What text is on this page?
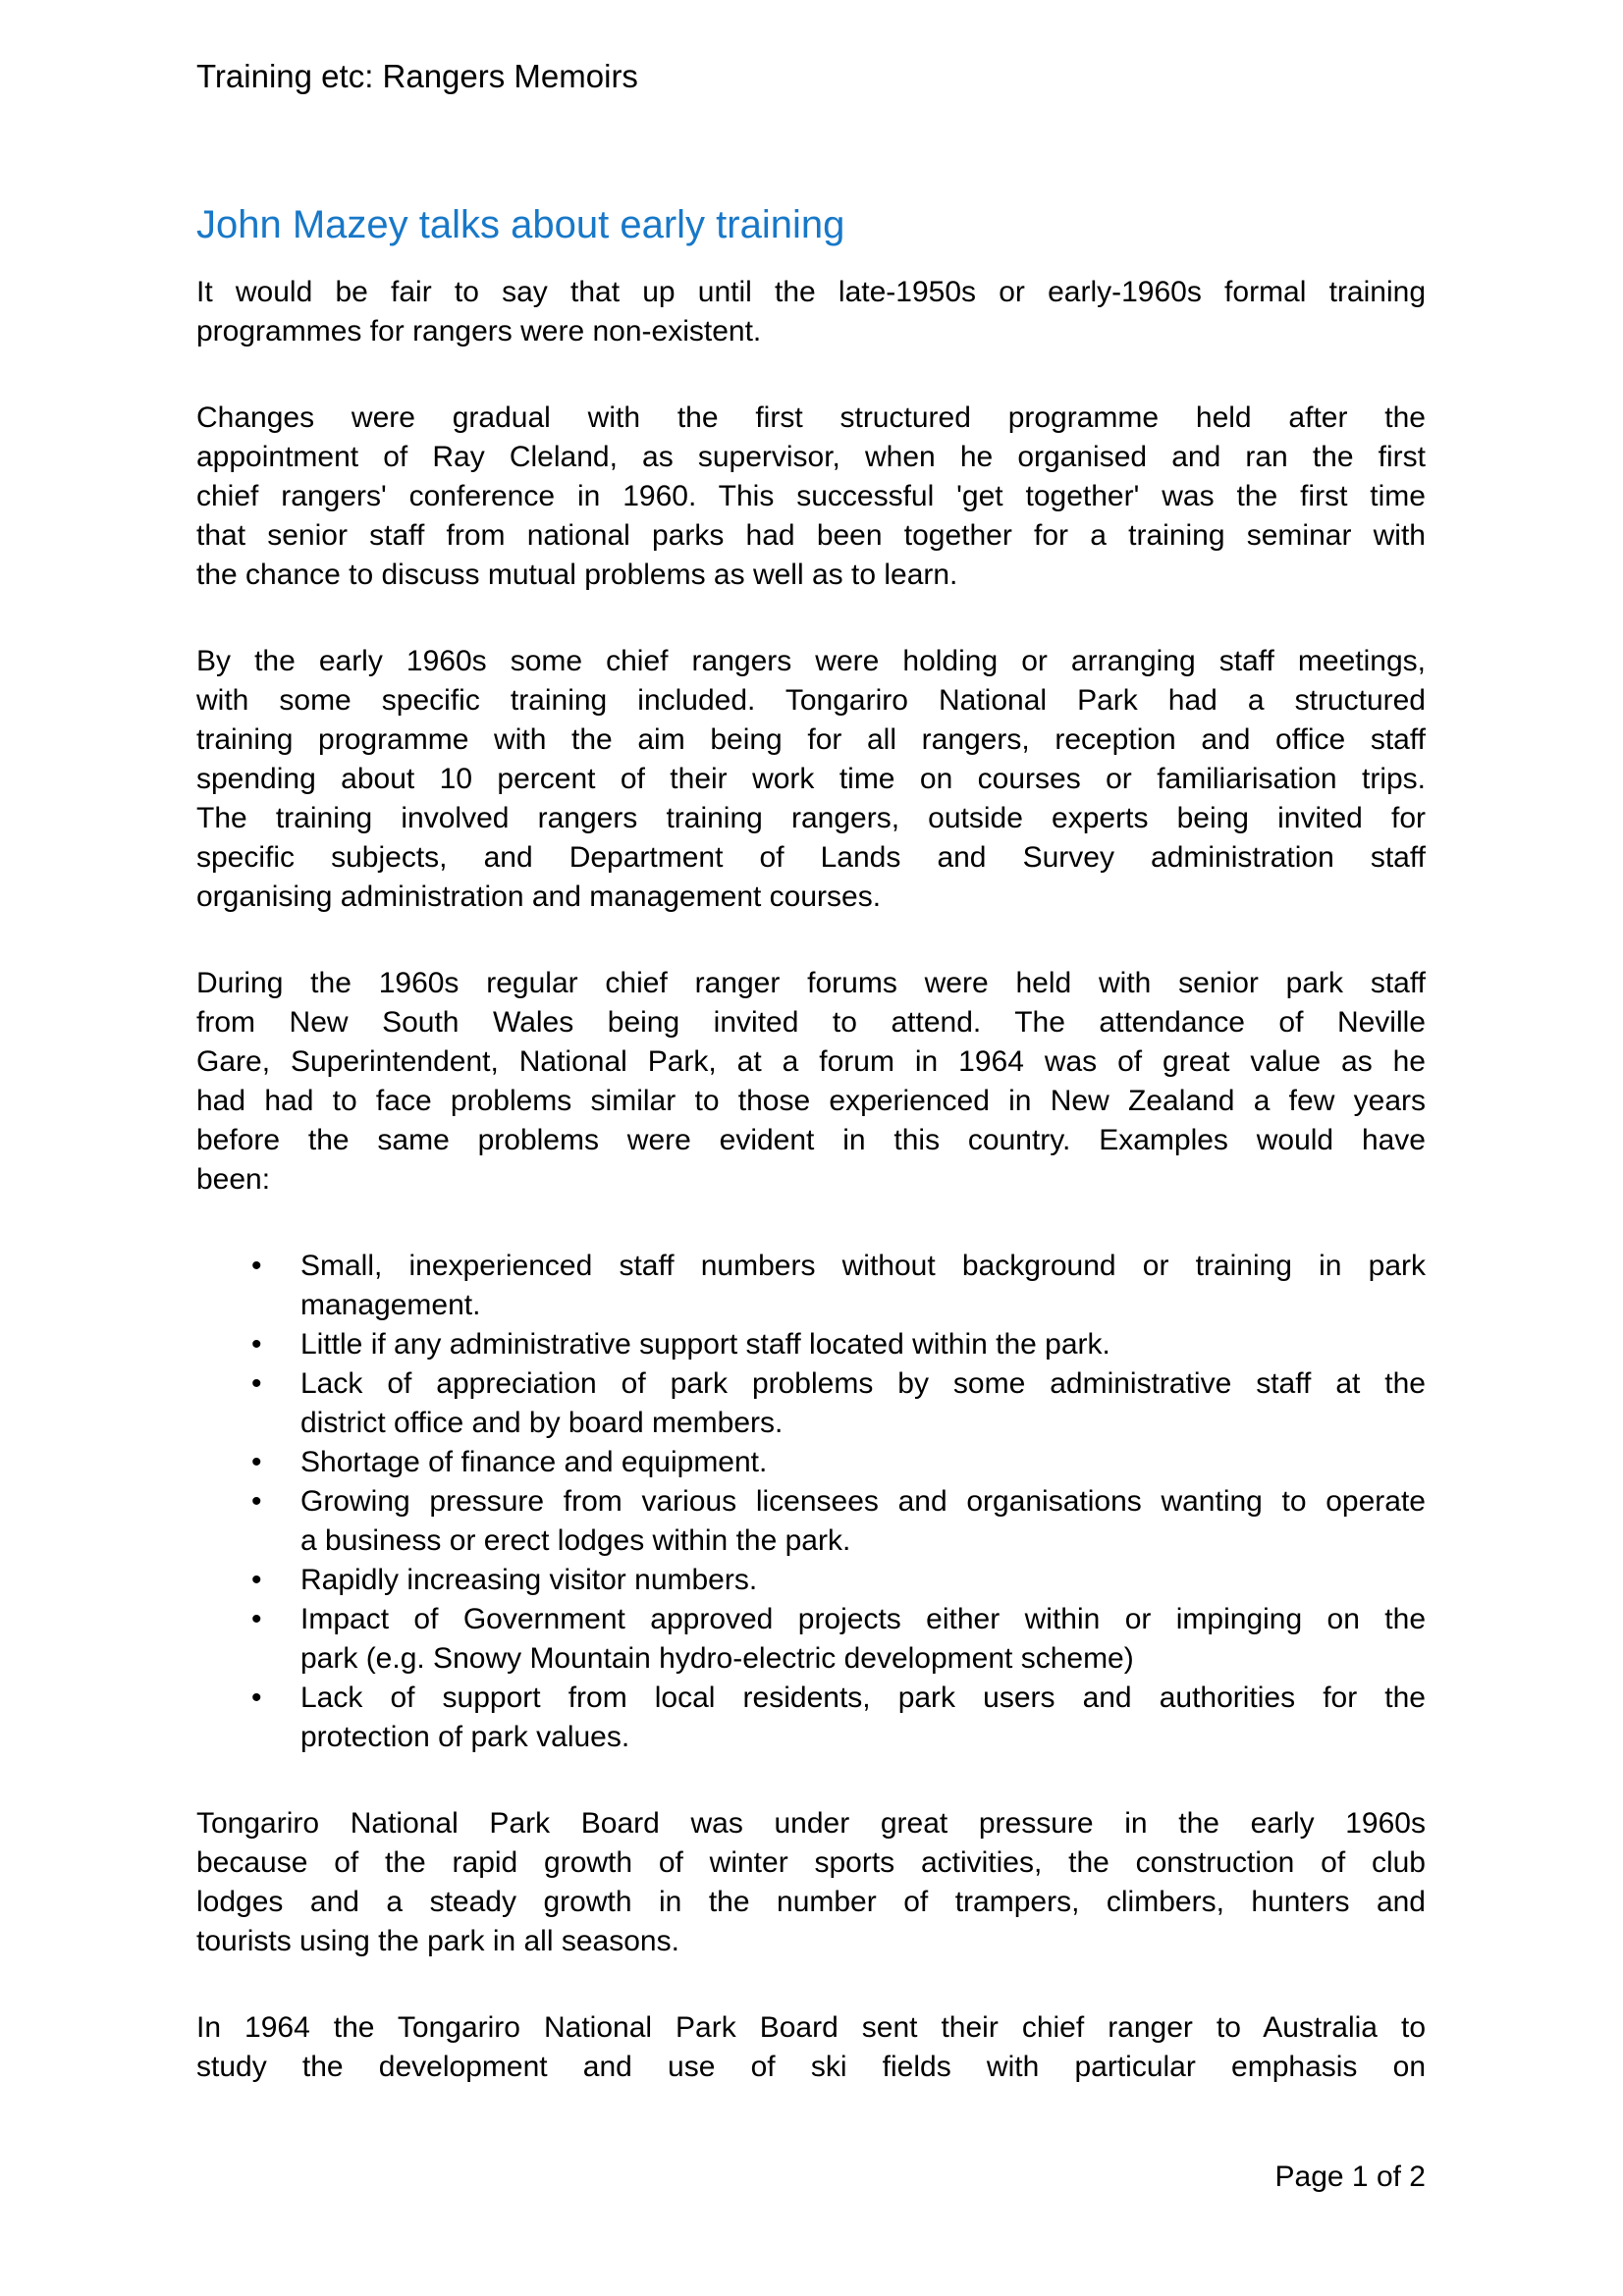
Training etc: Rangers Memoirs
John Mazey talks about early training
It would be fair to say that up until the late-1950s or early-1960s formal training
programmes for rangers were non-existent.
Changes were gradual with the first structured programme held after the
appointment of Ray Cleland, as supervisor, when he organised and ran the first
chief rangers' conference in 1960. This successful 'get together' was the first time
that senior staff from national parks had been together for a training seminar with
the chance to discuss mutual problems as well as to learn.
By the early 1960s some chief rangers were holding or arranging staff meetings,
with some specific training included. Tongariro National Park had a structured
training programme with the aim being for all rangers, reception and office staff
spending about 10 percent of their work time on courses or familiarisation trips.
The training involved rangers training rangers, outside experts being invited for
specific subjects, and Department of Lands and Survey administration staff
organising administration and management courses.
During the 1960s regular chief ranger forums were held with senior park staff
from New South Wales being invited to attend. The attendance of Neville
Gare, Superintendent, National Park, at a forum in 1964 was of great value as he
had had to face problems similar to those experienced in New Zealand a few years
before the same problems were evident in this country. Examples would have
been:
•	Small, inexperienced staff numbers without background or training in park
management.
•	Little if any administrative support staff located within the park.
•	Lack of appreciation of park problems by some administrative staff at the
district office and by board members.
•	Shortage of finance and equipment.
•	Growing pressure from various licensees and organisations wanting to operate
a business or erect lodges within the park.
•	Rapidly increasing visitor numbers.
•	Impact of Government approved projects either within or impinging on the
park (e.g. Snowy Mountain hydro-electric development scheme)
•	Lack of support from local residents, park users and authorities for the
protection of park values.
Tongariro National Park Board was under great pressure in the early 1960s
because of the rapid growth of winter sports activities, the construction of club
lodges and a steady growth in the number of trampers, climbers, hunters and
tourists using the park in all seasons.
In 1964 the Tongariro National Park Board sent their chief ranger to Australia to
study the development and use of ski fields with particular emphasis on
Page 1 of 2
